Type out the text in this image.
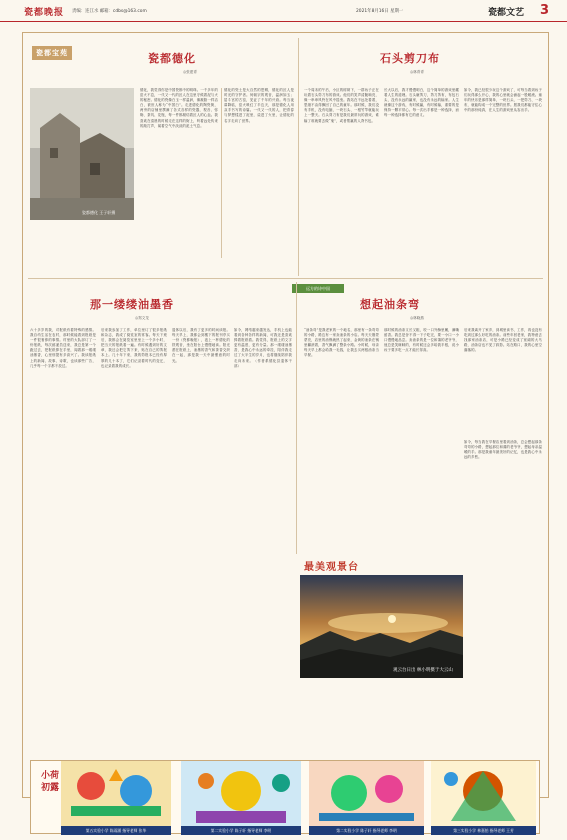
瓷都晚报 责编：连江水 邮箱：cdbs@163.com	2021年8月16日 星期一	瓷都文艺 3
瓷都宝苑	瓷都德化
◎张建青
瓷都德化 王子轩摄
德化，我觉得你是中国瓷都中的明珠。一千多年的窑火不息，一代又一代的匠人在这里守候着泥与火的秘密。德化的瓷像白玉一样温润，像凝脂一样洁白，被世人称为“中国白”。走进德化的陶瓷街，两旁的店铺里摆满了各式各样的瓷器，观音、弥勒、茶具、花瓶，每一件都凝结着匠人的心血。我喜欢在清晨的时候走在这样的街上，听着远处传来的敲打声，闻着空气中淡淡的泥土气息。
德化的瓷土是大自然的恩赐，德化的匠人是时光的守护者。何朝宗的观音，温润如玉；屈斗宫的古窑，见证了千年的兴衰。每当夜幕降临，窑火映红了半边天，那是德化人用双手书写的诗篇。一代又一代的人，把青春与梦想揉进了泥里，烧进了火里，让德化的名字走向了世界。
石头剪刀布
◎林青青
一个周末的午后，小区的树荫下，一群孩子正在玩着石头剪刀布的游戏。他们的笑声清脆响亮，像一串串风铃在风中摇曳。我站在不远处看着，思绪不由得飘回了自己的童年。那时候，我们没有手机，没有电脑，一块石头、一根竹竿就能玩上一整天。石头剪刀布是我们最常玩的游戏，谁输了谁就要去做“鬼”，或者帮赢的人背书包。
长大以后，我才慢慢明白，这个简单的游戏里藏着人生的道理。石头砸剪刀，剪刀剪布，布包石头，没有永远的赢家，也没有永远的输家。人生就像这个游戏，有时候赢，有时候输，重要的是保持一颗平常心。每一次出手都是一种选择，而每一种选择都有它的意义。
如今，我已经很少玩这个游戏了，可每当看到孩子们玩得那么开心，我的心里就会涌起一股暖流。童年的快乐是那样简单，一块石头、一把剪刀、一块布，就能构成一个完整的世界。愿我们都能守住心中的那份纯真，在人生的游戏里从容出手。
远方的诗中国
那一缕缕油墨香
◎郑文龙
六十多岁的我，对报纸有着特殊的感情。我自幼生活在农村，那时候能看到报纸是一件很奢侈的事情。村里的大队部订了一份报纸，每次邮递员送来，我总是第一个跑过去，把报纸捧在手里，闻着那一缕缕油墨香，心里别提有多高兴了。我读报纸上的新闻、故事、诗歌，也读那些广告，几乎每一个字都不放过。
后来我参加了工作，单位里订了很多报纸和杂志，我成了阅览室的常客。每天下班后，我都会在阅览室里坐上一个多小时，把当天的报纸看一遍。有时候遇到好的文章，我还会把它剪下来，贴在自己的剪报本上。几十年下来，我的剪报本已经有厚厚的几十本了，它们记录着时代的变迁，也记录着我的成长。
退休以后，我有了更多的时间读报。每天早上，我都会到楼下的报刊亭买一份《瓷都晚报》，泡上一杯德化的铁观音，坐在阳台上慢慢地读。阳光洒在报纸上，油墨的香气和茶香交织在一起，那是我一天中最惬意的时光。
如今，网络越来越发达，手机上也能看到各种各样的新闻，可我还是喜欢捧着报纸看。我觉得，报纸上的文字更有温度，更有分量。那一缕缕油墨香，是我心中永远的牵挂，陪伴我走过了大半生的岁月，也将继续陪伴我走向未来。（作者系德化县退休干部）
想起油条弯
◎林晓燕
“油条弯”是我老家的一个地名，那里有一条弯弯的小路，路边有一家卖油条的小店。每天天刚蒙蒙亮，店里的油锅就热了起来，金黄的油条在锅里翻滚着，香气飘满了整条小路。小时候，母亲每天早上都会给我一毛钱，让我去买两根油条当早餐。
那时候的油条又长又粗，咬一口外酥里嫩，满嘴留香。我总是舍不得一下子吃完，要一小口一小口慢慢地品尝。卖油条的是一位和蔼的老爷爷，他总是笑眯眯的，有时候还会多给我半根，说小孩子要多吃一点才能长得高。
后来我离开了家乡，到城里读书、工作，再也没有吃到过那么好吃的油条。前些年回老家，我特意去找那家油条店，可是小路已经变成了宽阔的大马路，油条店也不见了踪影。站在路口，我的心里空落落的。
如今，每当我在早餐店里看到油条，总会想起那条弯弯的小路，想起那位和蔼的老爷爷，想起母亲温暖的手。那是我童年最美好的记忆，也是我心中永远的乡愁。
最美观景台
观云台日出 林小明摄于大云山
第五实验小学 陈雨涵 指导老师 张华	第二实验小学 陈子轩 指导老师 李明	第二实验小学 陈子轩 指导老师 李明	第三实验小学 林嘉怡 指导老师 王芳
小荷初露
